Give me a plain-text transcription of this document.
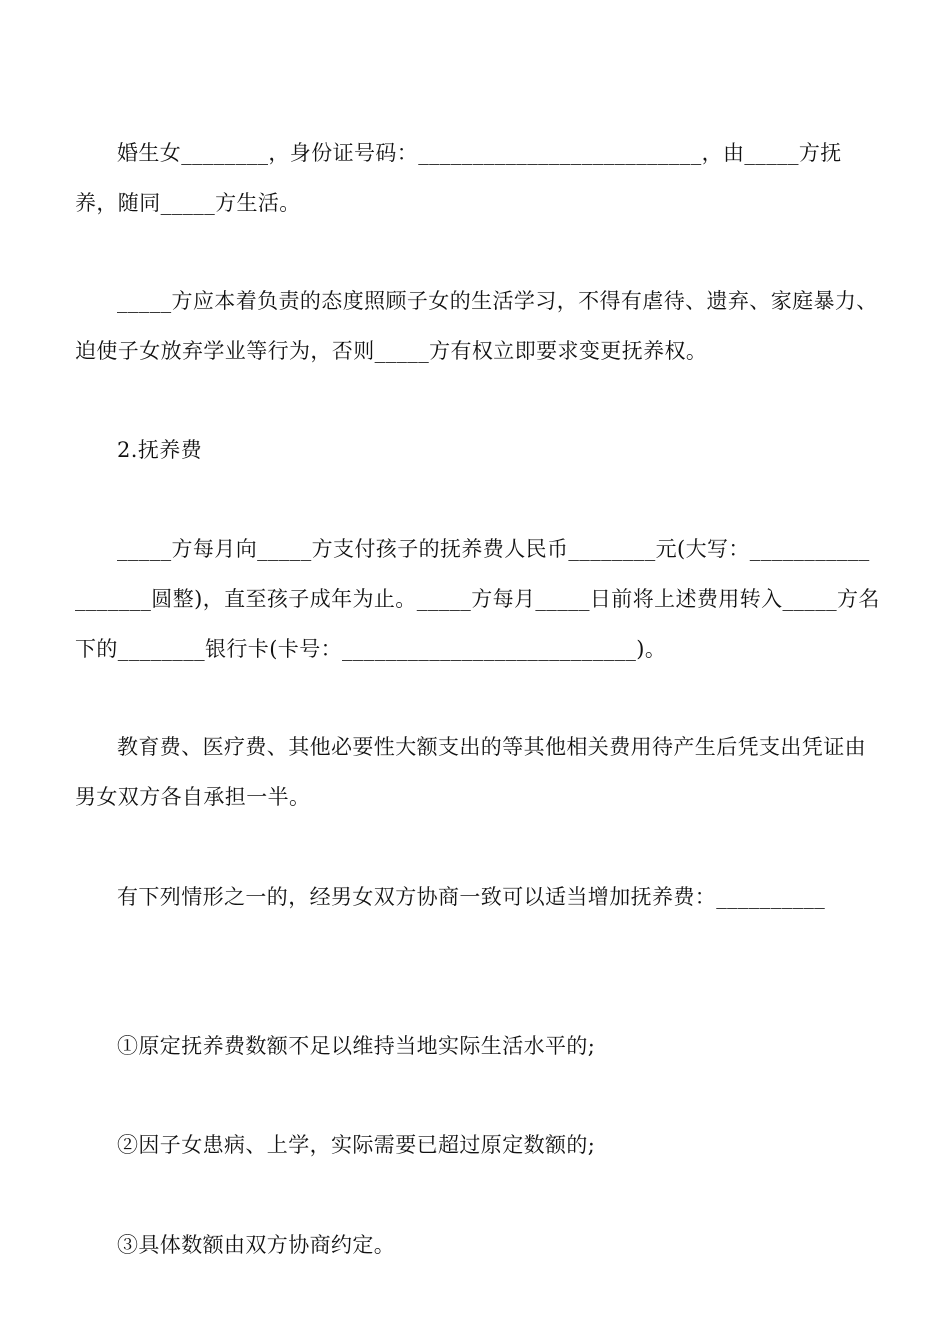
婚生女________，身份证号码：__________________________，由_____方抚养，随同_____方生活。

_____方应本着负责的态度照顾子女的生活学习，不得有虐待、遗弃、家庭暴力、迫使子女放弃学业等行为，否则_____方有权立即要求变更抚养权。

2.抚养费

_____方每月向_____方支付孩子的抚养费人民币________元(大写：__________________圆整)，直至孩子成年为止。_____方每月_____日前将上述费用转入_____方名下的________银行卡(卡号：___________________________)。

教育费、医疗费、其他必要性大额支出的等其他相关费用待产生后凭支出凭证由男女双方各自承担一半。

有下列情形之一的，经男女双方协商一致可以适当增加抚养费：__________

①原定抚养费数额不足以维持当地实际生活水平的;

②因子女患病、上学，实际需要已超过原定数额的;

③具体数额由双方协商约定。
